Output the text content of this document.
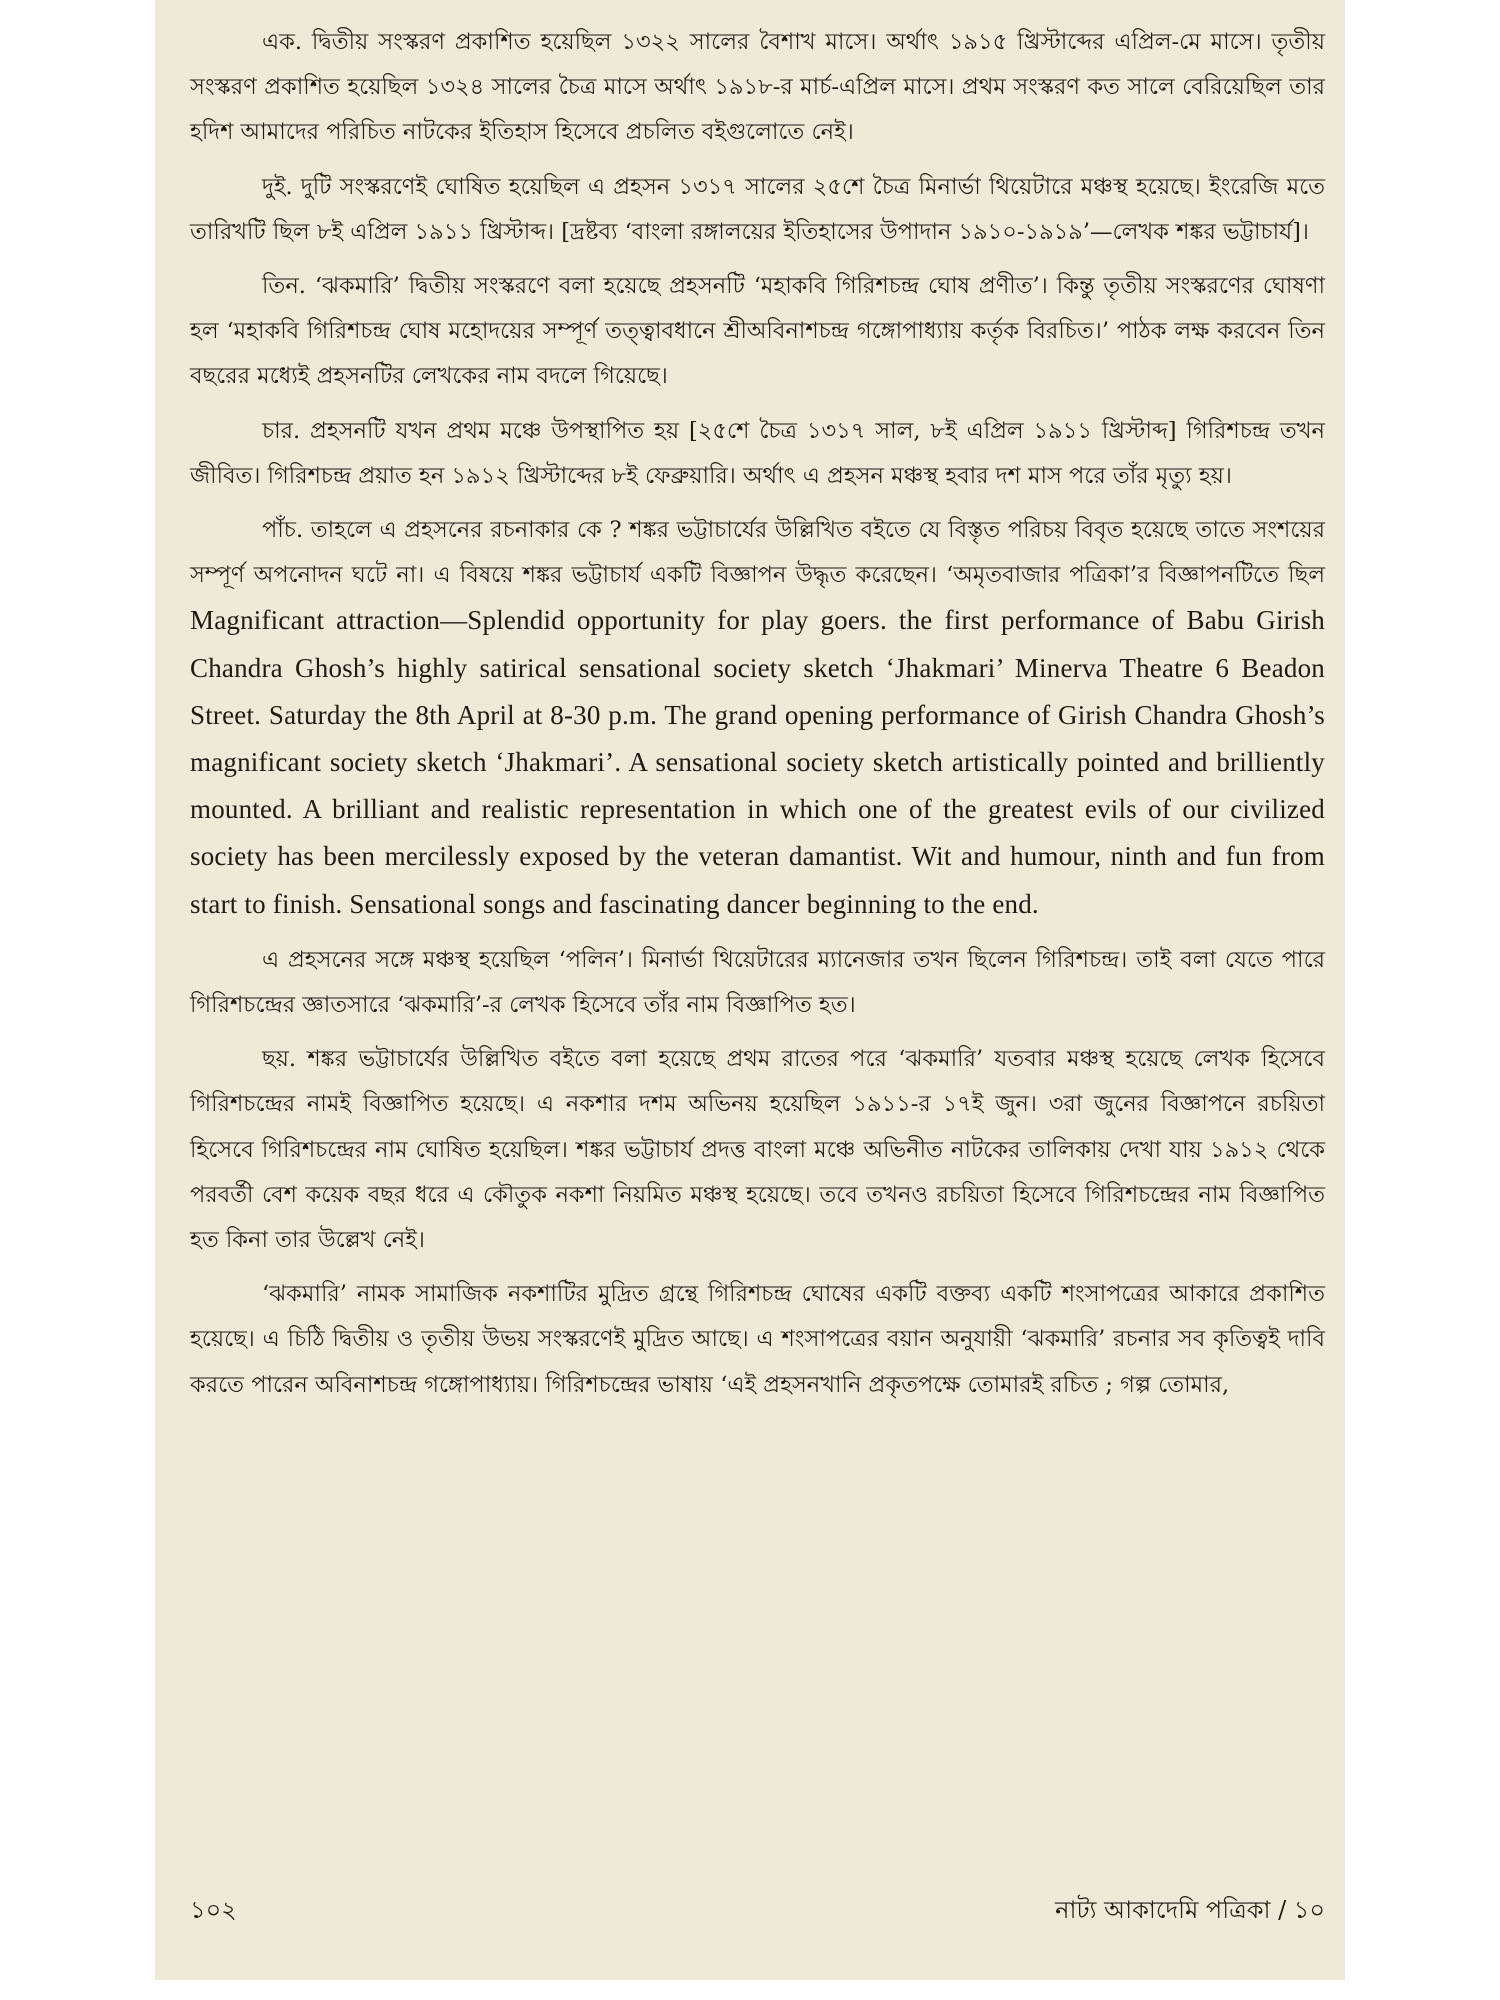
এক. দ্বিতীয় সংস্করণ প্রকাশিত হয়েছিল ১৩২২ সালের বৈশাখ মাসে। অর্থাৎ ১৯১৫ খ্রিস্টাব্দের এপ্রিল-মে মাসে। তৃতীয় সংস্করণ প্রকাশিত হয়েছিল ১৩২৪ সালের চৈত্র মাসে অর্থাৎ ১৯১৮-র মার্চ-এপ্রিল মাসে। প্রথম সংস্করণ কত সালে বেরিয়েছিল তার হদিশ আমাদের পরিচিত নাটকের ইতিহাস হিসেবে প্রচলিত বইগুলোতে নেই।

দুই. দুটি সংস্করণেই ঘোষিত হয়েছিল এ প্রহসন ১৩১৭ সালের ২৫শে চৈত্র মিনার্ভা থিয়েটারে মঞ্চস্থ হয়েছে। ইংরেজি মতে তারিখটি ছিল ৮ই এপ্রিল ১৯১১ খ্রিস্টাব্দ। [দ্রষ্টব্য ‘বাংলা রঙ্গালয়ের ইতিহাসের উপাদান ১৯১০-১৯১৯’—লেখক শঙ্কর ভট্টাচার্য]।

তিন. ‘ঝকমারি’ দ্বিতীয় সংস্করণে বলা হয়েছে প্রহসনটি ‘মহাকবি গিরিশচন্দ্র ঘোষ প্রণীত’। কিন্তু তৃতীয় সংস্করণের ঘোষণা হল ‘মহাকবি গিরিশচন্দ্র ঘোষ মহোদয়ের সম্পূর্ণ তত্ত্বাবধানে শ্রীঅবিনাশচন্দ্র গঙ্গোপাধ্যায় কর্তৃক বিরচিত।’ পাঠক লক্ষ করবেন তিন বছরের মধ্যেই প্রহসনটির লেখকের নাম বদলে গিয়েছে।

চার. প্রহসনটি যখন প্রথম মঞ্চে উপস্থাপিত হয় [২৫শে চৈত্র ১৩১৭ সাল, ৮ই এপ্রিল ১৯১১ খ্রিস্টাব্দ] গিরিশচন্দ্র তখন জীবিত। গিরিশচন্দ্র প্রয়াত হন ১৯১২ খ্রিস্টাব্দের ৮ই ফেব্রুয়ারি। অর্থাৎ এ প্রহসন মঞ্চস্থ হবার দশ মাস পরে তাঁর মৃত্যু হয়।

পাঁচ. তাহলে এ প্রহসনের রচনাকার কে ? শঙ্কর ভট্টাচার্যের উল্লিখিত বইতে যে বিস্তৃত পরিচয় বিবৃত হয়েছে তাতে সংশয়ের সম্পূর্ণ অপনোদন ঘটে না। এ বিষয়ে শঙ্কর ভট্টাচার্য একটি বিজ্ঞাপন উদ্ধৃত করেছেন। ‘অমৃতবাজার পত্রিকা’র বিজ্ঞাপনটিতে ছিল Magnificant attraction—Splendid opportunity for play goers. the first performance of Babu Girish Chandra Ghosh’s highly satirical sensational society sketch ‘Jhakmari’ Minerva Theatre 6 Beadon Street. Saturday the 8th April at 8-30 p.m. The grand opening performance of Girish Chandra Ghosh’s magnificant society sketch ‘Jhakmari’. A sensational society sketch artistically pointed and brilliently mounted. A brilliant and realistic representation in which one of the greatest evils of our civilized society has been mercilessly exposed by the veteran damantist. Wit and humour, ninth and fun from start to finish. Sensational songs and fascinating dancer beginning to the end.

এ প্রহসনের সঙ্গে মঞ্চস্থ হয়েছিল ‘পলিন’। মিনার্ভা থিয়েটারের ম্যানেজার তখন ছিলেন গিরিশচন্দ্র। তাই বলা যেতে পারে গিরিশচন্দ্রের জ্ঞাতসারে ‘ঝকমারি’-র লেখক হিসেবে তাঁর নাম বিজ্ঞাপিত হত।

ছয়. শঙ্কর ভট্টাচার্যের উল্লিখিত বইতে বলা হয়েছে প্রথম রাতের পরে ‘ঝকমারি’ যতবার মঞ্চস্থ হয়েছে লেখক হিসেবে গিরিশচন্দ্রের নামই বিজ্ঞাপিত হয়েছে। এ নকশার দশম অভিনয় হয়েছিল ১৯১১-র ১৭ই জুন। ৩রা জুনের বিজ্ঞাপনে রচয়িতা হিসেবে গিরিশচন্দ্রের নাম ঘোষিত হয়েছিল। শঙ্কর ভট্টাচার্য প্রদত্ত বাংলা মঞ্চে অভিনীত নাটকের তালিকায় দেখা যায় ১৯১২ থেকে পরবর্তী বেশ কয়েক বছর ধরে এ কৌতুক নকশা নিয়মিত মঞ্চস্থ হয়েছে। তবে তখনও রচয়িতা হিসেবে গিরিশচন্দ্রের নাম বিজ্ঞাপিত হত কিনা তার উল্লেখ নেই।

‘ঝকমারি’ নামক সামাজিক নকশাটির মুদ্রিত গ্রন্থে গিরিশচন্দ্র ঘোষের একটি বক্তব্য একটি শংসাপত্রের আকারে প্রকাশিত হয়েছে। এ চিঠি দ্বিতীয় ও তৃতীয় উভয় সংস্করণেই মুদ্রিত আছে। এ শংসাপত্রের বয়ান অনুযায়ী ‘ঝকমারি’ রচনার সব কৃতিত্বই দাবি করতে পারেন অবিনাশচন্দ্র গঙ্গোপাধ্যায়। গিরিশচন্দ্রের ভাষায় ‘এই প্রহসনখানি প্রকৃতপক্ষে তোমারই রচিত ; গল্প তোমার,

১০২	নাট্য আকাদেমি পত্রিকা / ১০
